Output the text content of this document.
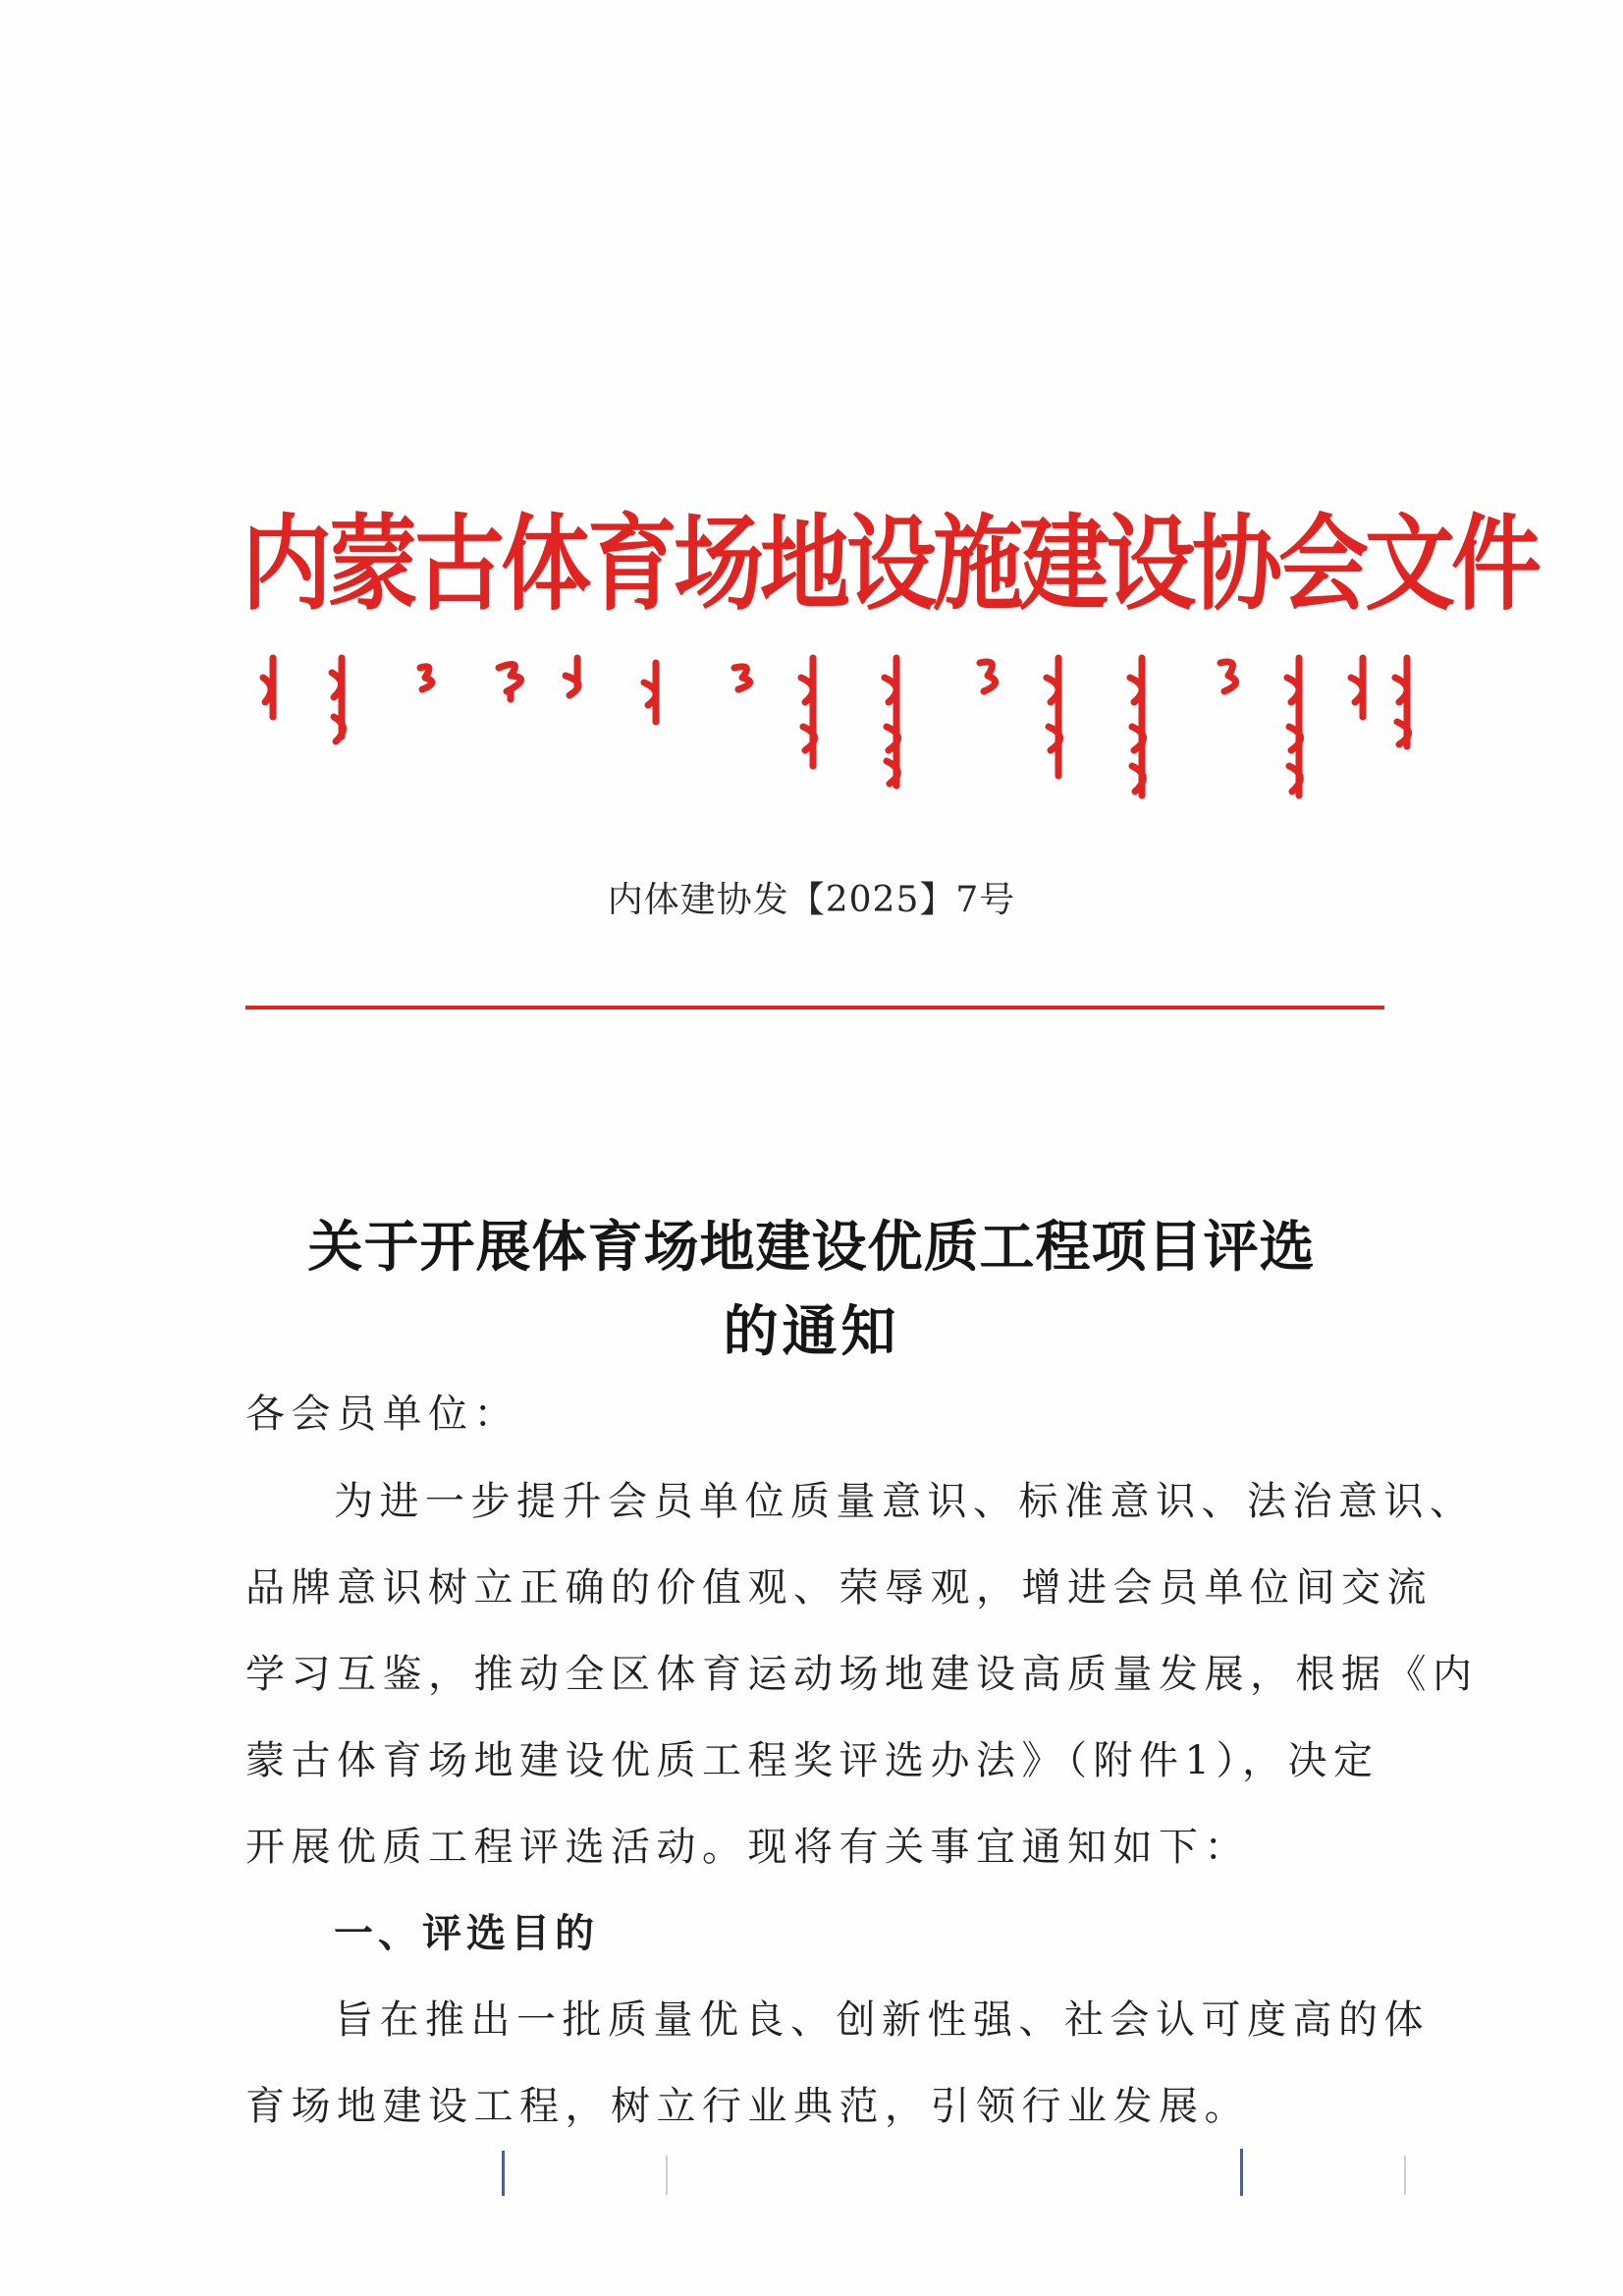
内蒙古体育场地设施建设协会文件
内体建协发【2025】7号
关于开展体育场地建设优质工程项目评选
的通知
各会员单位：
为进一步提升会员单位质量意识、标准意识、法治意识、
品牌意识树立正确的价值观、荣辱观，增进会员单位间交流
学习互鉴，推动全区体育运动场地建设高质量发展，根据《内
蒙古体育场地建设优质工程奖评选办法》（附件1），决定
开展优质工程评选活动。现将有关事宜通知如下：
一、评选目的
旨在推出一批质量优良、创新性强、社会认可度高的体
育场地建设工程，树立行业典范，引领行业发展。
